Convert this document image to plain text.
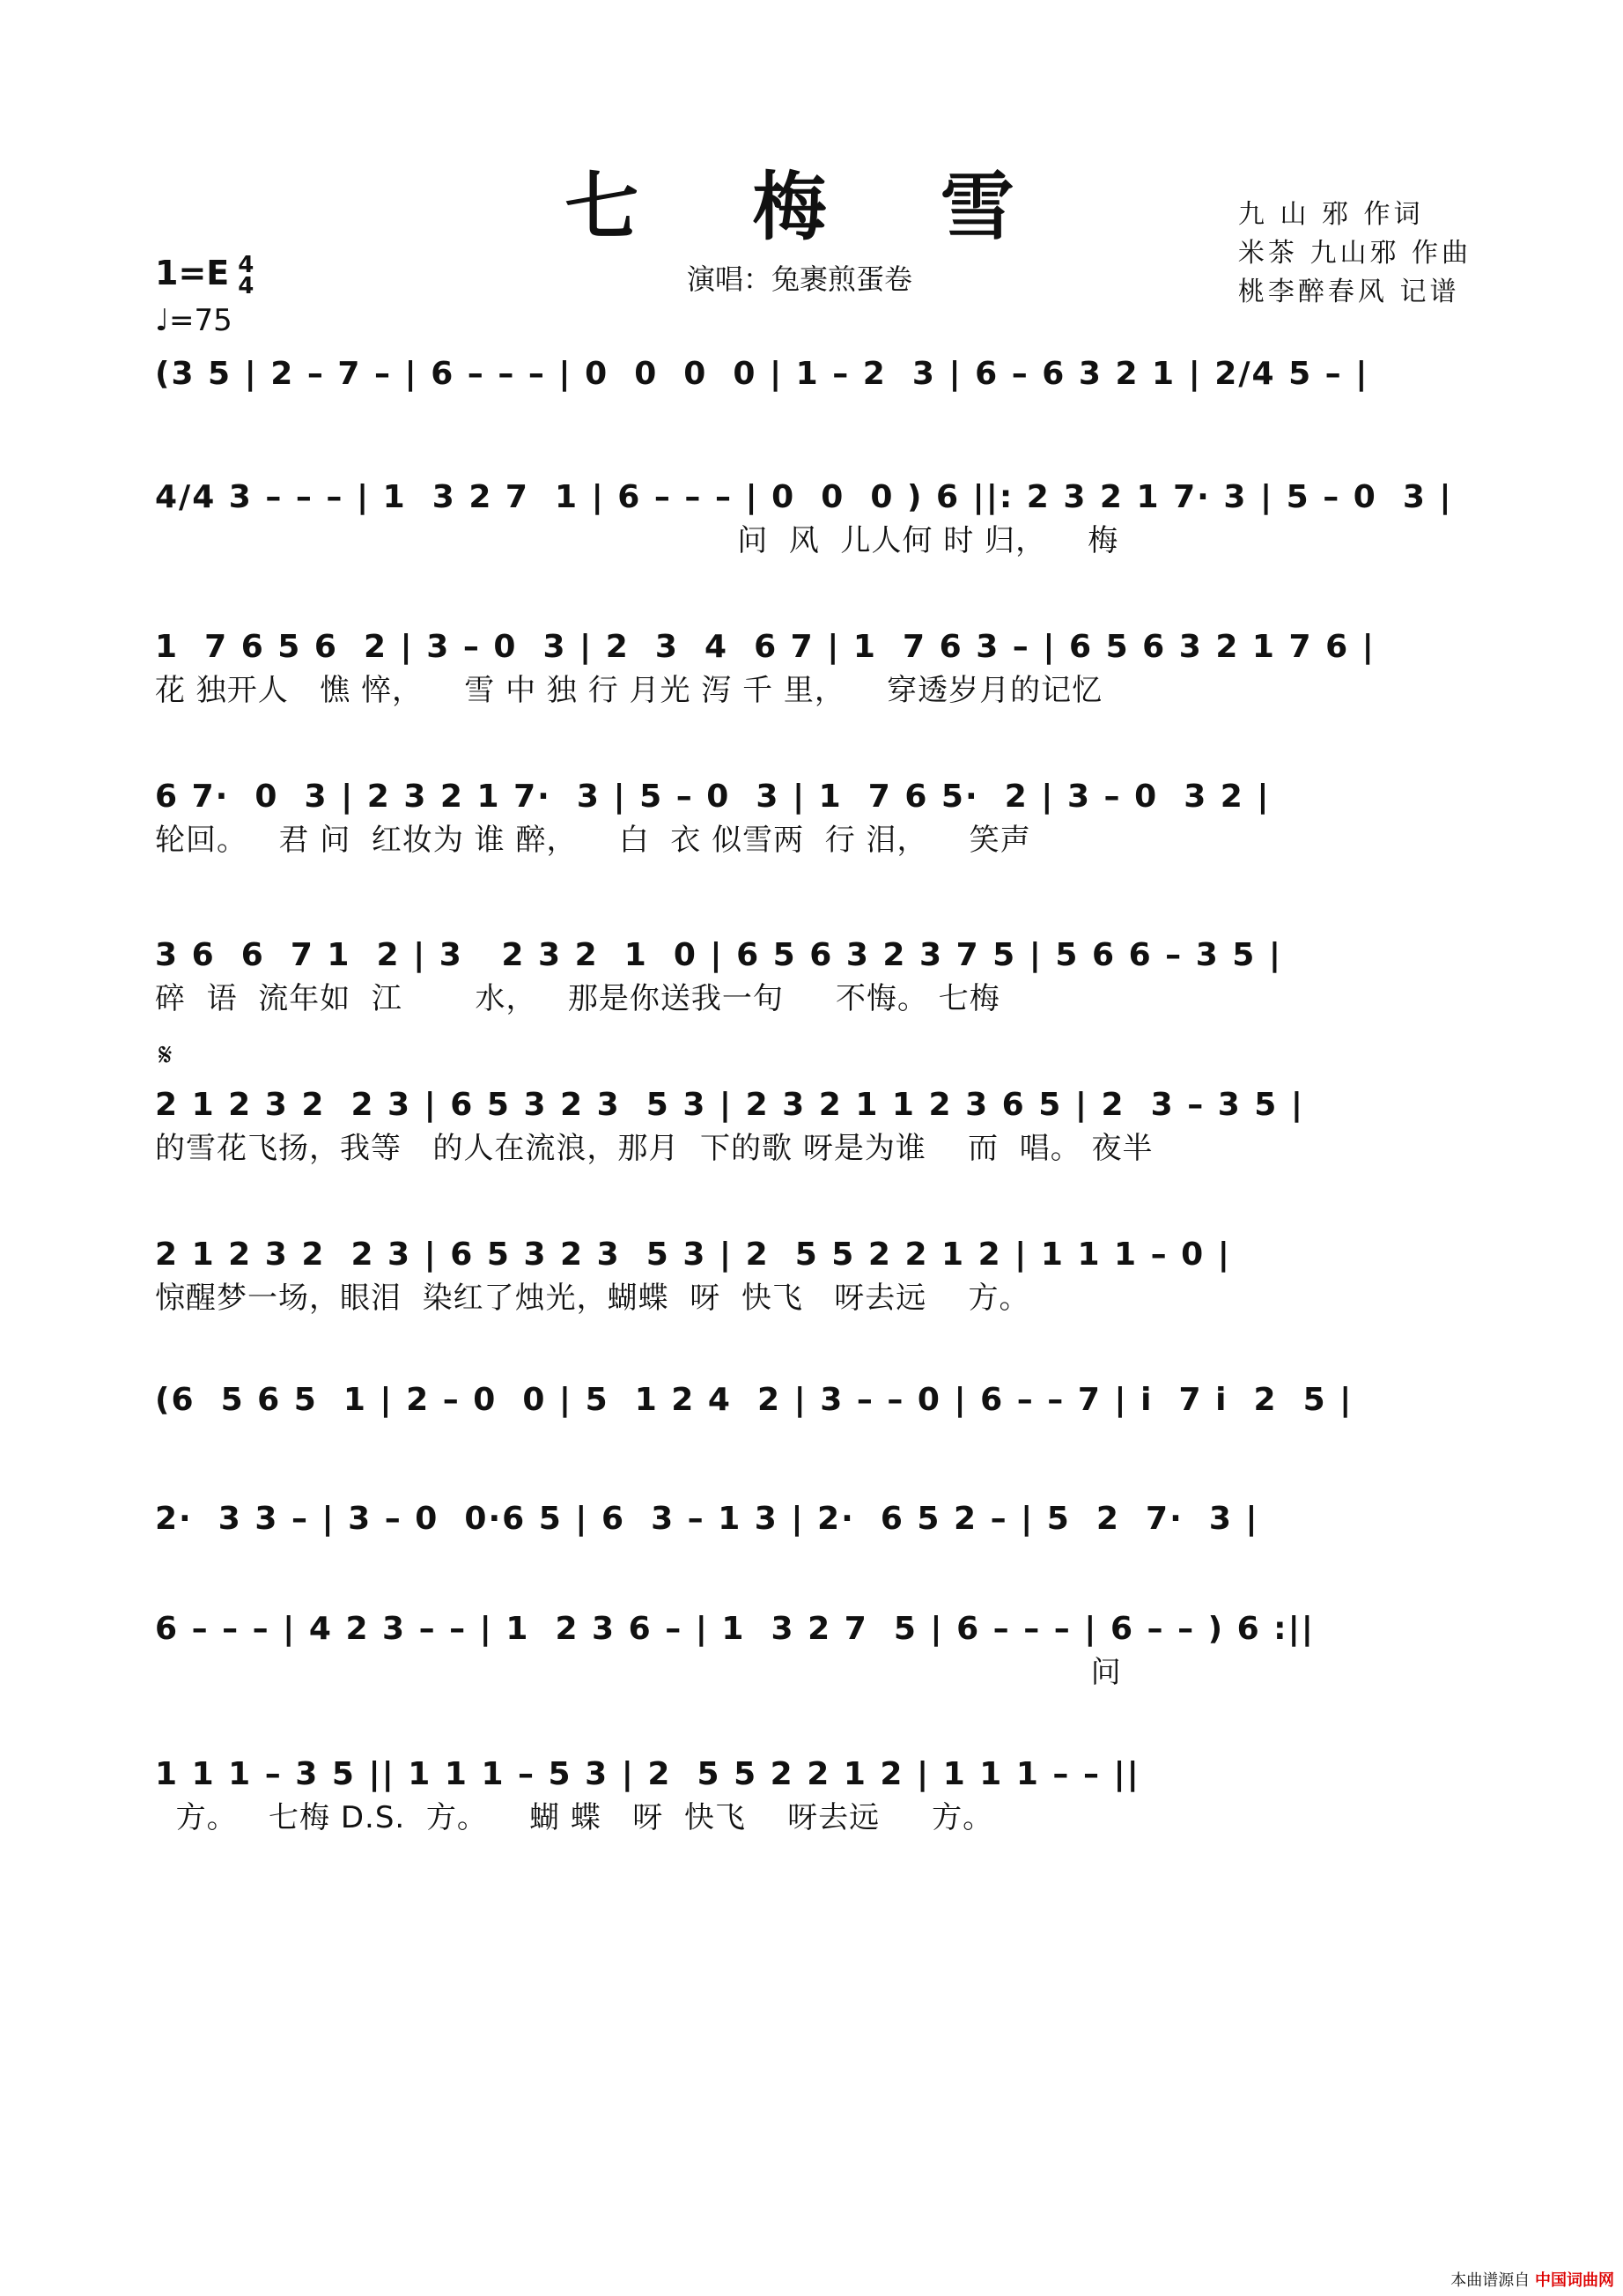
七 梅 雪
演唱：兔裹煎蛋卷
九 山 邪 作词
米茶 九山邪 作曲
桃李醉春风 记谱
1=E 4
4
♩=75
𝄋
(3 5 | 2 – 7 – | 6 – – – | 0  0  0  0 | 1 – 2  3 | 6 – 6 3 2 1 | 2/4 5 – |
4/4 3 – – – | 1  3 2 7  1 | 6 – – – | 0  0  0 ) 6 ||: 2 3 2 1 7· 3 | 5 – 0  3 |
问  风  儿人何 时 归，    梅
1  7 6 5 6  2 | 3 – 0  3 | 2  3  4  6 7 | 1  7 6 3 – | 6 5 6 3 2 1 7 6 |
花 独开人   憔 悴，    雪 中 独 行 月光 泻 千 里，    穿透岁月的记忆
6 7·  0  3 | 2 3 2 1 7·  3 | 5 – 0  3 | 1  7 6 5·  2 | 3 – 0  3 2 |
轮回。   君 问  红妆为 谁 醉，    白  衣 似雪两  行 泪，    笑声
3 6  6  7 1  2 | 3   2 3 2  1  0 | 6 5 6 3 2 3 7 5 | 5 6 6 – 3 5 |
碎  语  流年如  江       水，   那是你送我一句     不悔。 七梅
2 1 2 3 2  2 3 | 6 5 3 2 3  5 3 | 2 3 2 1 1 2 3 6 5 | 2  3 – 3 5 |
的雪花飞扬，我等   的人在流浪，那月  下的歌 呀是为谁    而  唱。 夜半
2 1 2 3 2  2 3 | 6 5 3 2 3  5 3 | 2  5 5 2 2 1 2 | 1 1 1 – 0 |
惊醒梦一场，眼泪  染红了烛光，蝴蝶  呀  快飞   呀去远    方。
(6  5 6 5  1 | 2 – 0  0 | 5  1 2 4  2 | 3 – – 0 | 6 – – 7 | i  7 i  2  5 |
2·  3 3 – | 3 – 0  0·6 5 | 6  3 – 1 3 | 2·  6 5 2 – | 5  2  7·  3 |
6 – – – | 4 2 3 – – | 1  2 3 6 – | 1  3 2 7  5 | 6 – – – | 6 – – ) 6 :||
问
1 1 1 – 3 5 || 1 1 1 – 5 3 | 2  5 5 2 2 1 2 | 1 1 1 – – ||
方。   七梅 D.S.  方。    蝴 蝶   呀  快飞    呀去远     方。
本曲谱源自 中国词曲网
